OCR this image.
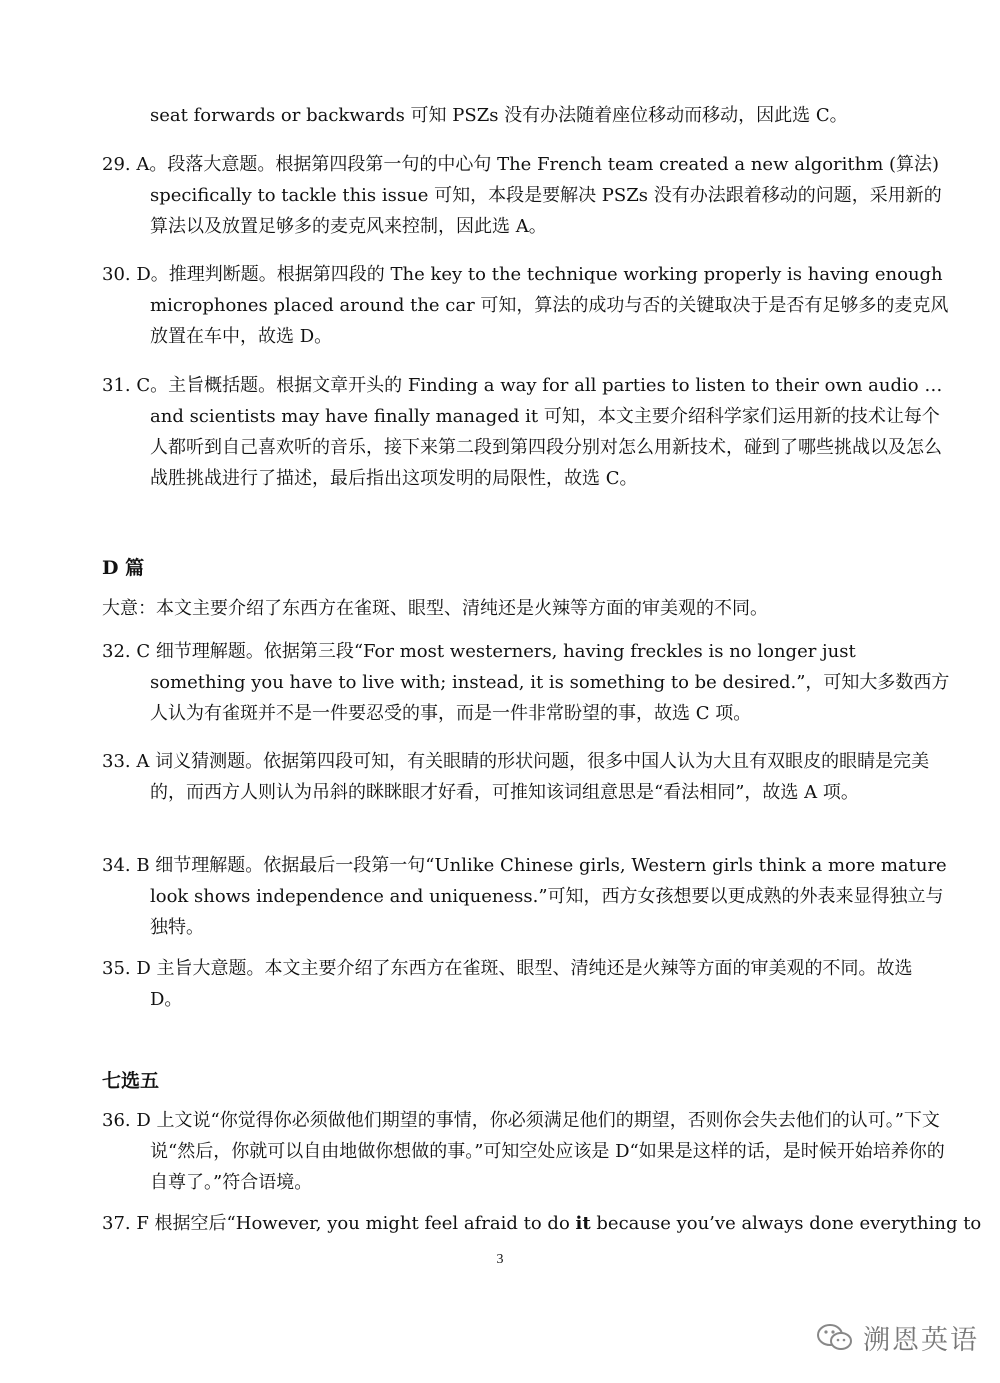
seat forwards or backwards 可知 PSZs 没有办法随着座位移动而移动，因此选 C。

29. A。段落大意题。根据第四段第一句的中心句 The French team created a new algorithm (算法) specifically to tackle this issue 可知，本段是要解决 PSZs 没有办法跟着移动的问题，采用新的算法以及放置足够多的麦克风来控制，因此选 A。

30. D。推理判断题。根据第四段的 The key to the technique working properly is having enough microphones placed around the car 可知，算法的成功与否的关键取决于是否有足够多的麦克风放置在车中，故选 D。

31. C。主旨概括题。根据文章开头的 Finding a way for all parties to listen to their own audio …and scientists may have finally managed it 可知，本文主要介绍科学家们运用新的技术让每个人都听到自己喜欢听的音乐，接下来第二段到第四段分别对怎么用新技术，碰到了哪些挑战以及怎么战胜挑战进行了描述，最后指出这项发明的局限性，故选 C。

D 篇

大意：本文主要介绍了东西方在雀斑、眼型、清纯还是火辣等方面的审美观的不同。

32. C 细节理解题。依据第三段“For most westerners, having freckles is no longer just something you have to live with; instead, it is something to be desired.”，可知大多数西方人认为有雀斑并不是一件要忍受的事，而是一件非常盼望的事，故选 C 项。

33. A 词义猜测题。依据第四段可知，有关眼睛的形状问题，很多中国人认为大且有双眼皮的眼睛是完美的，而西方人则认为吊斜的眯眯眼才好看，可推知该词组意思是“看法相同”，故选 A 项。

34. B 细节理解题。依据最后一段第一句“Unlike Chinese girls, Western girls think a more mature look shows independence and uniqueness.”可知，西方女孩想要以更成熟的外表来显得独立与独特。

35. D 主旨大意题。本文主要介绍了东西方在雀斑、眼型、清纯还是火辣等方面的审美观的不同。故选 D。

七选五

36. D 上文说“你觉得你必须做他们期望的事情，你必须满足他们的期望，否则你会失去他们的认可。”下文说“然后，你就可以自由地做你想做的事。”可知空处应该是 D“如果是这样的话，是时候开始培养你的自尊了。”符合语境。

37. F 根据空后“However, you might feel afraid to do it because you’ve always done everything to

3
溯恩英语
